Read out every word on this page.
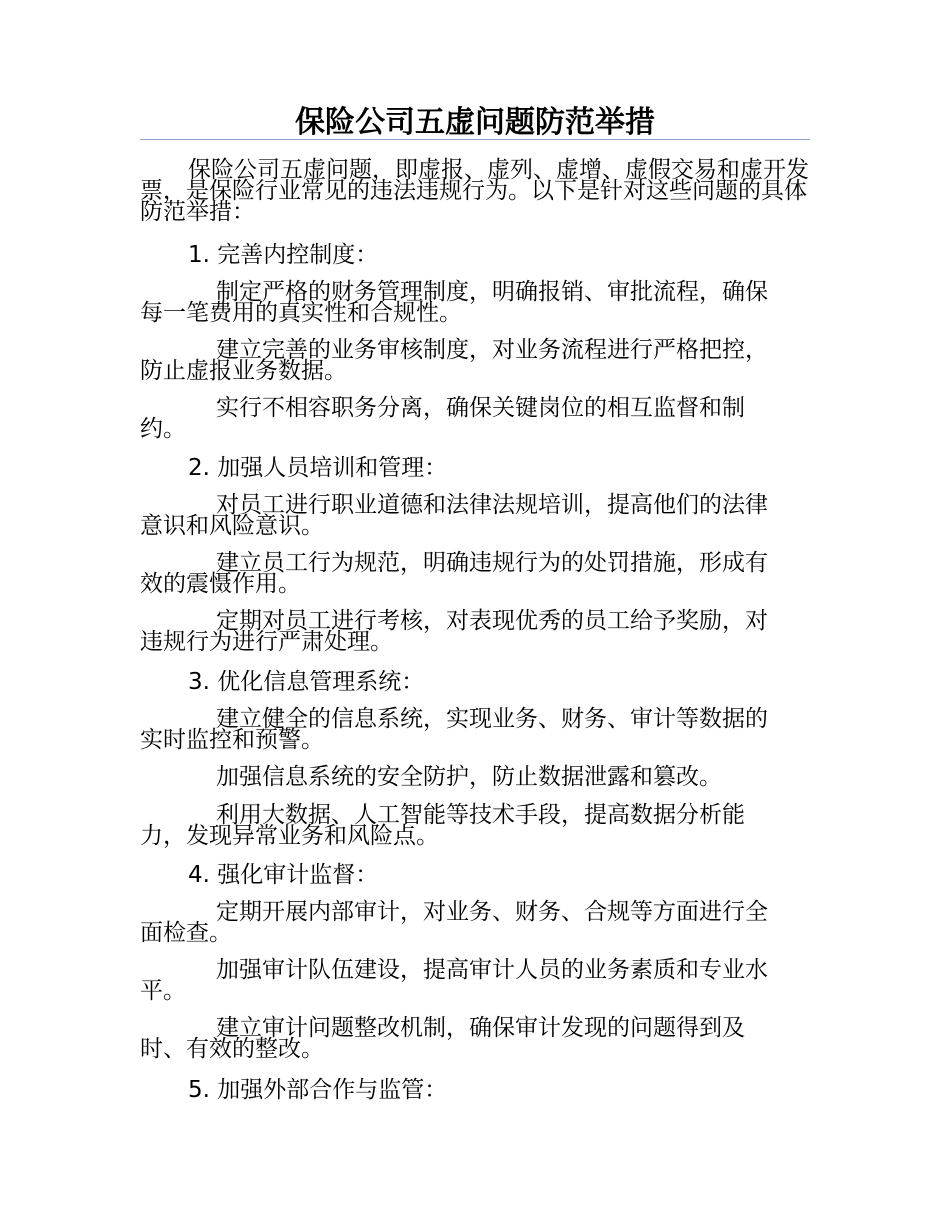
保险公司五虚问题防范举措

保险公司五虚问题，即虚报、虚列、虚增、虚假交易和虚开发票，是保险行业常见的违法违规行为。以下是针对这些问题的具体防范举措：

1. 完善内控制度：
制定严格的财务管理制度，明确报销、审批流程，确保每一笔费用的真实性和合规性。
建立完善的业务审核制度，对业务流程进行严格把控，防止虚报业务数据。
实行不相容职务分离，确保关键岗位的相互监督和制约。
2. 加强人员培训和管理：
对员工进行职业道德和法律法规培训，提高他们的法律意识和风险意识。
建立员工行为规范，明确违规行为的处罚措施，形成有效的震慑作用。
定期对员工进行考核，对表现优秀的员工给予奖励，对违规行为进行严肃处理。
3. 优化信息管理系统：
建立健全的信息系统，实现业务、财务、审计等数据的实时监控和预警。
加强信息系统的安全防护，防止数据泄露和篡改。
利用大数据、人工智能等技术手段，提高数据分析能力，发现异常业务和风险点。
4. 强化审计监督：
定期开展内部审计，对业务、财务、合规等方面进行全面检查。
加强审计队伍建设，提高审计人员的业务素质和专业水平。
建立审计问题整改机制，确保审计发现的问题得到及时、有效的整改。
5. 加强外部合作与监管：
